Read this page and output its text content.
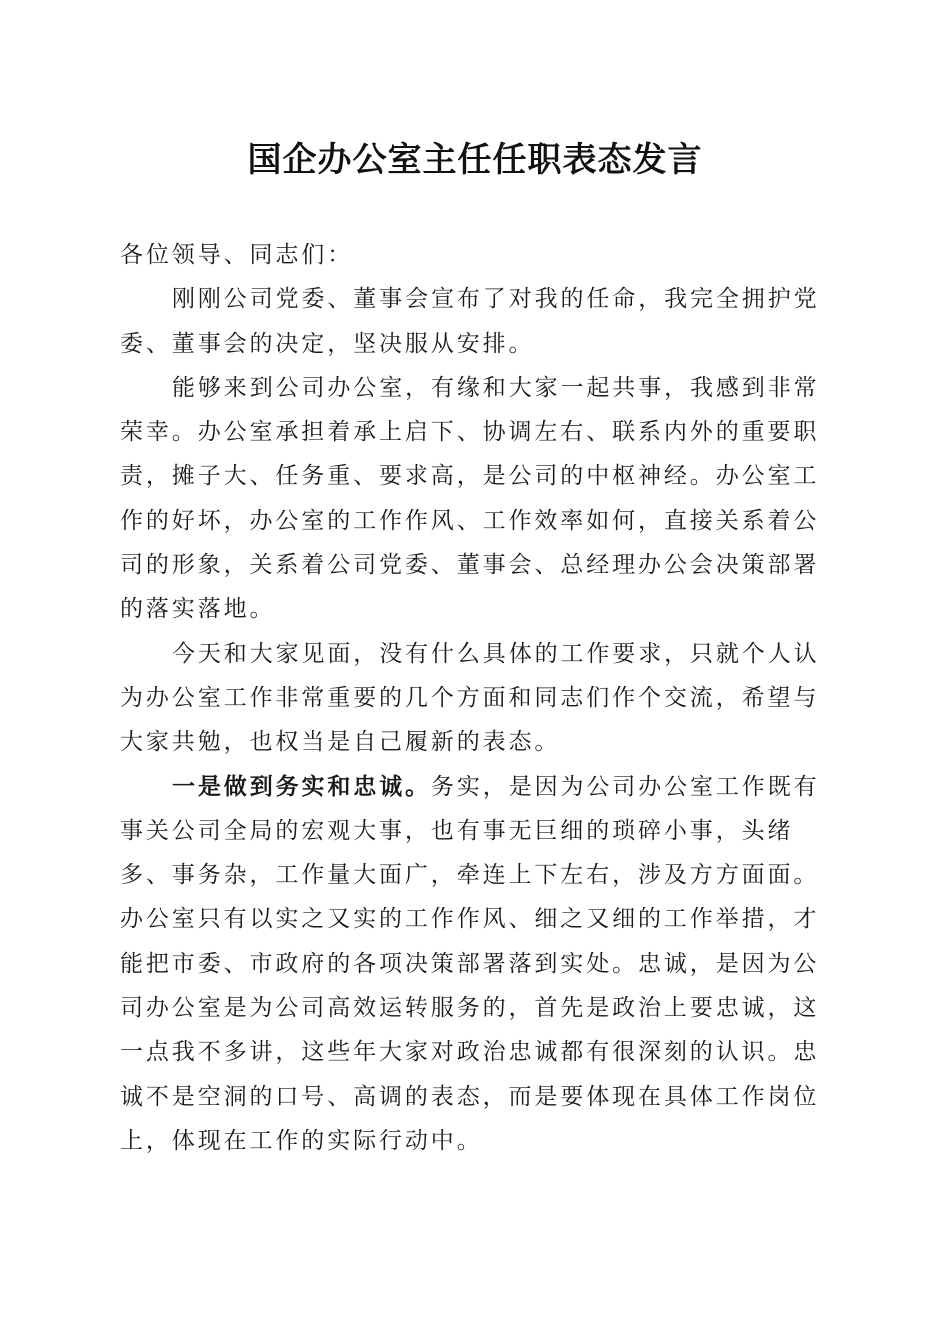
国企办公室主任任职表态发言

各位领导、同志们：

刚刚公司党委、董事会宣布了对我的任命，我完全拥护党委、董事会的决定，坚决服从安排。

能够来到公司办公室，有缘和大家一起共事，我感到非常荣幸。办公室承担着承上启下、协调左右、联系内外的重要职责，摊子大、任务重、要求高，是公司的中枢神经。办公室工作的好坏，办公室的工作作风、工作效率如何，直接关系着公司的形象，关系着公司党委、董事会、总经理办公会决策部署的落实落地。

今天和大家见面，没有什么具体的工作要求，只就个人认为办公室工作非常重要的几个方面和同志们作个交流，希望与大家共勉，也权当是自己履新的表态。

一是做到务实和忠诚。务实，是因为公司办公室工作既有事关公司全局的宏观大事，也有事无巨细的琐碎小事，头绪多、事务杂，工作量大面广，牵连上下左右，涉及方方面面。办公室只有以实之又实的工作作风、细之又细的工作举措，才能把市委、市政府的各项决策部署落到实处。忠诚，是因为公司办公室是为公司高效运转服务的，首先是政治上要忠诚，这一点我不多讲，这些年大家对政治忠诚都有很深刻的认识。忠诚不是空洞的口号、高调的表态，而是要体现在具体工作岗位上，体现在工作的实际行动中。
